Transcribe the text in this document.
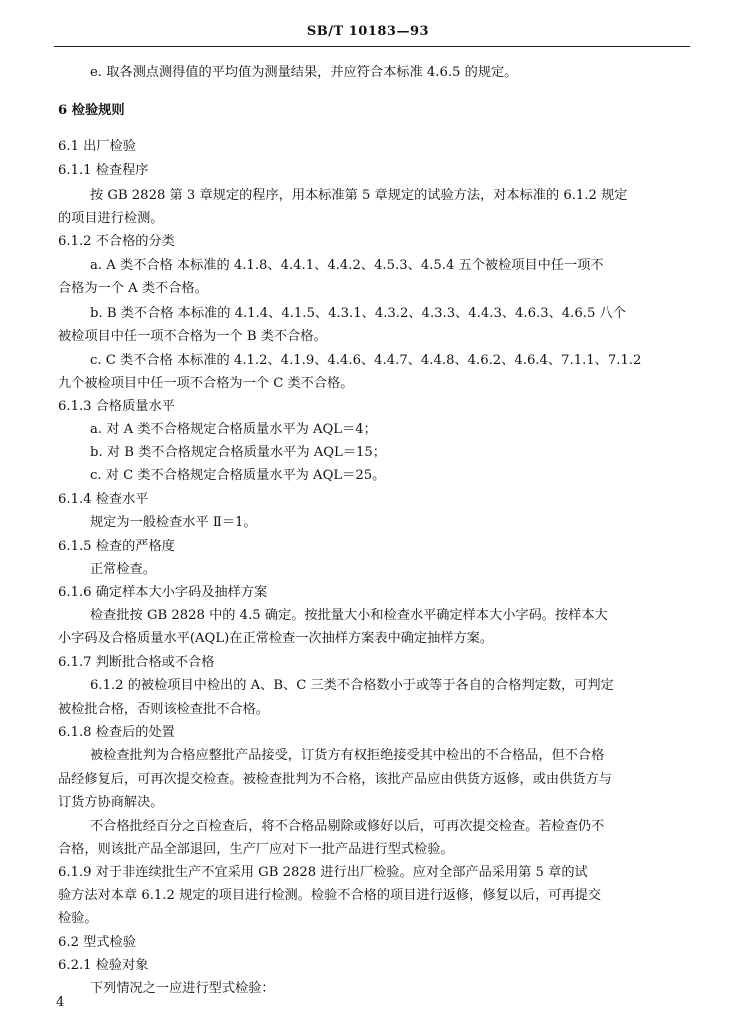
SB/T 10183—93
e. 取各测点测得值的平均值为测量结果，并应符合本标准 4.6.5 的规定。
6 检验规则
6.1 出厂检验
6.1.1 检查程序
按 GB 2828 第 3 章规定的程序，用本标准第 5 章规定的试验方法，对本标准的 6.1.2 规定
的项目进行检测。
6.1.2 不合格的分类
a. A 类不合格 本标准的 4.1.8、4.4.1、4.4.2、4.5.3、4.5.4 五个被检项目中任一项不
合格为一个 A 类不合格。
b. B 类不合格 本标准的 4.1.4、4.1.5、4.3.1、4.3.2、4.3.3、4.4.3、4.6.3、4.6.5 八个
被检项目中任一项不合格为一个 B 类不合格。
c. C 类不合格 本标准的 4.1.2、4.1.9、4.4.6、4.4.7、4.4.8、4.6.2、4.6.4、7.1.1、7.1.2
九个被检项目中任一项不合格为一个 C 类不合格。
6.1.3 合格质量水平
a. 对 A 类不合格规定合格质量水平为 AQL＝4；
b. 对 B 类不合格规定合格质量水平为 AQL＝15；
c. 对 C 类不合格规定合格质量水平为 AQL＝25。
6.1.4 检查水平
规定为一般检查水平 Ⅱ＝1。
6.1.5 检查的严格度
正常检查。
6.1.6 确定样本大小字码及抽样方案
检查批按 GB 2828 中的 4.5 确定。按批量大小和检查水平确定样本大小字码。按样本大
小字码及合格质量水平(AQL)在正常检查一次抽样方案表中确定抽样方案。
6.1.7 判断批合格或不合格
6.1.2 的被检项目中检出的 A、B、C 三类不合格数小于或等于各自的合格判定数，可判定
被检批合格，否则该检查批不合格。
6.1.8 检查后的处置
被检查批判为合格应整批产品接受，订货方有权拒绝接受其中检出的不合格品，但不合格
品经修复后，可再次提交检查。被检查批判为不合格，该批产品应由供货方返修，或由供货方与
订货方协商解决。
不合格批经百分之百检查后，将不合格品剔除或修好以后，可再次提交检查。若检查仍不
合格，则该批产品全部退回，生产厂应对下一批产品进行型式检验。
6.1.9 对于非连续批生产不宜采用 GB 2828 进行出厂检验。应对全部产品采用第 5 章的试
验方法对本章 6.1.2 规定的项目进行检测。检验不合格的项目进行返修，修复以后，可再提交
检验。
6.2 型式检验
6.2.1 检验对象
下列情况之一应进行型式检验：
4
